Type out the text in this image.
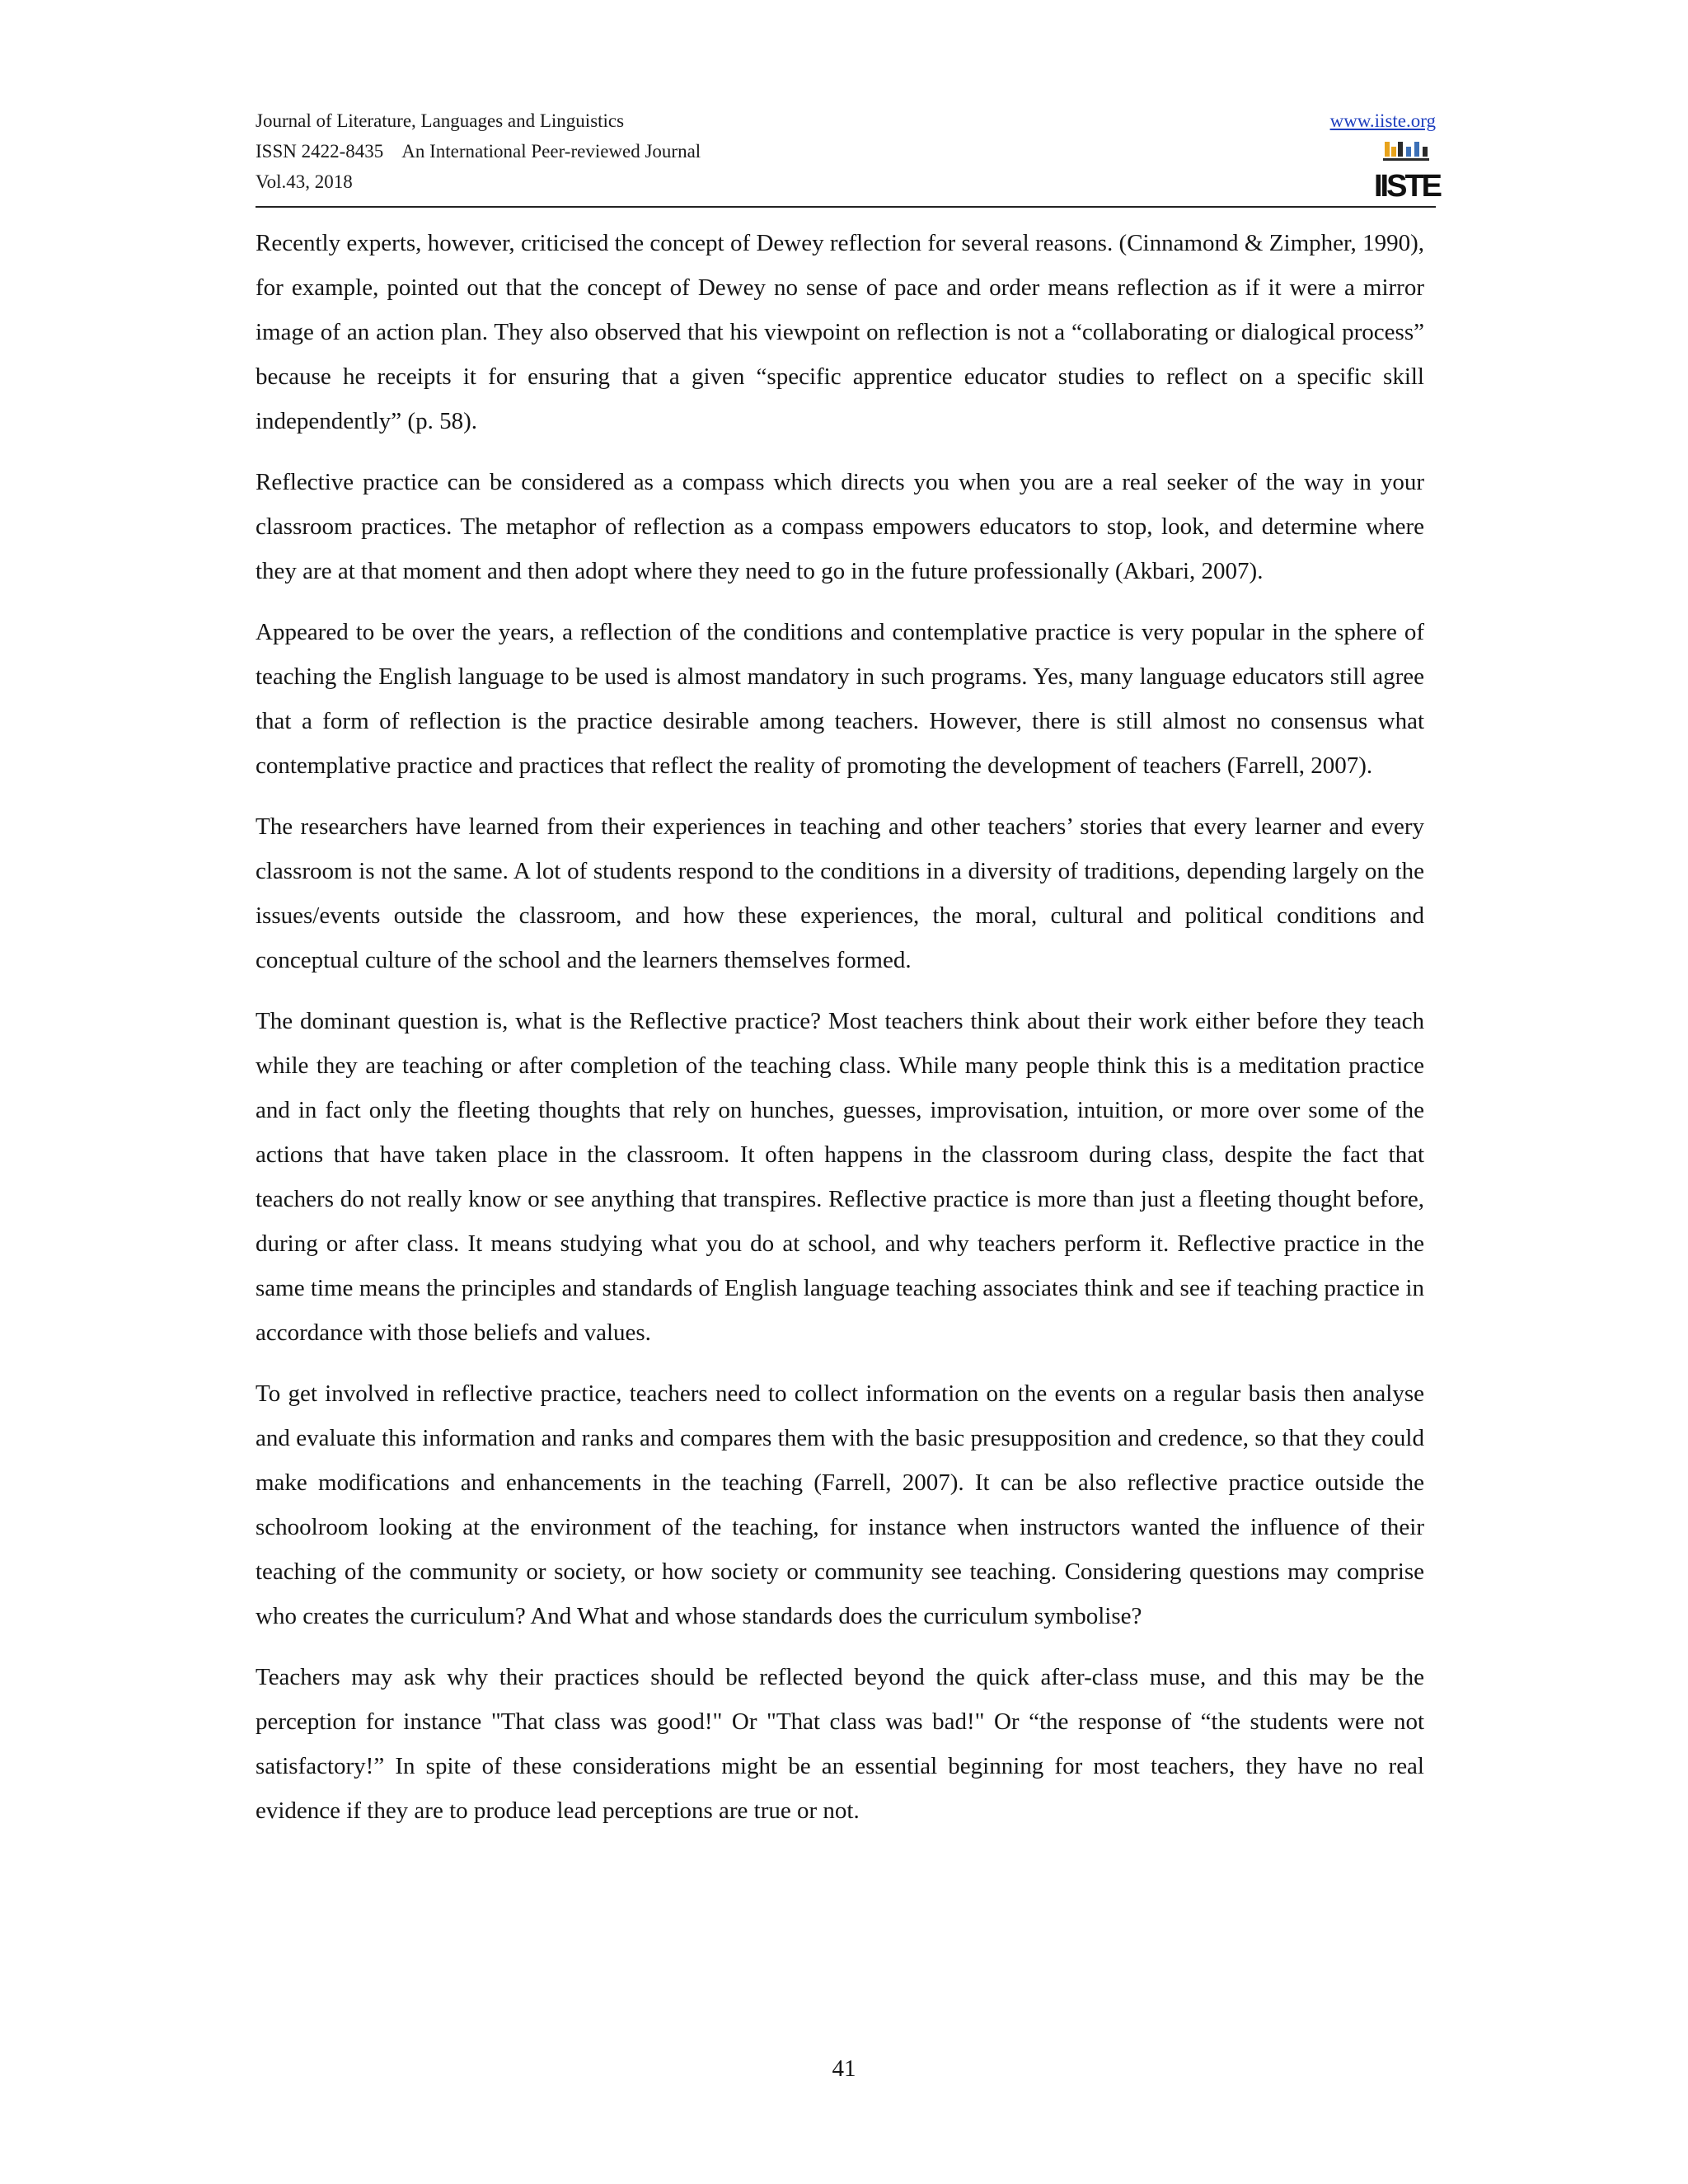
Journal of Literature, Languages and Linguistics
ISSN 2422-8435 An International Peer-reviewed Journal
Vol.43, 2018
www.iiste.org
IISTE

Recently experts, however, criticised the concept of Dewey reflection for several reasons. (Cinnamond & Zimpher, 1990), for example, pointed out that the concept of Dewey no sense of pace and order means reflection as if it were a mirror image of an action plan. They also observed that his viewpoint on reflection is not a “collaborating or dialogical process” because he receipts it for ensuring that a given “specific apprentice educator studies to reflect on a specific skill independently” (p. 58).

Reflective practice can be considered as a compass which directs you when you are a real seeker of the way in your classroom practices. The metaphor of reflection as a compass empowers educators to stop, look, and determine where they are at that moment and then adopt where they need to go in the future professionally (Akbari, 2007).

Appeared to be over the years, a reflection of the conditions and contemplative practice is very popular in the sphere of teaching the English language to be used is almost mandatory in such programs. Yes, many language educators still agree that a form of reflection is the practice desirable among teachers. However, there is still almost no consensus what contemplative practice and practices that reflect the reality of promoting the development of teachers (Farrell, 2007).

The researchers have learned from their experiences in teaching and other teachers’ stories that every learner and every classroom is not the same. A lot of students respond to the conditions in a diversity of traditions, depending largely on the issues/events outside the classroom, and how these experiences, the moral, cultural and political conditions and conceptual culture of the school and the learners themselves formed.

The dominant question is, what is the Reflective practice? Most teachers think about their work either before they teach while they are teaching or after completion of the teaching class. While many people think this is a meditation practice and in fact only the fleeting thoughts that rely on hunches, guesses, improvisation, intuition, or more over some of the actions that have taken place in the classroom. It often happens in the classroom during class, despite the fact that teachers do not really know or see anything that transpires. Reflective practice is more than just a fleeting thought before, during or after class. It means studying what you do at school, and why teachers perform it. Reflective practice in the same time means the principles and standards of English language teaching associates think and see if teaching practice in accordance with those beliefs and values.

To get involved in reflective practice, teachers need to collect information on the events on a regular basis then analyse and evaluate this information and ranks and compares them with the basic presupposition and credence, so that they could make modifications and enhancements in the teaching (Farrell, 2007). It can be also reflective practice outside the schoolroom looking at the environment of the teaching, for instance when instructors wanted the influence of their teaching of the community or society, or how society or community see teaching. Considering questions may comprise who creates the curriculum? And What and whose standards does the curriculum symbolise?

Teachers may ask why their practices should be reflected beyond the quick after-class muse, and this may be the perception for instance "That class was good!" Or "That class was bad!" Or “the response of “the students were not satisfactory!” In spite of these considerations might be an essential beginning for most teachers, they have no real evidence if they are to produce lead perceptions are true or not.

41
